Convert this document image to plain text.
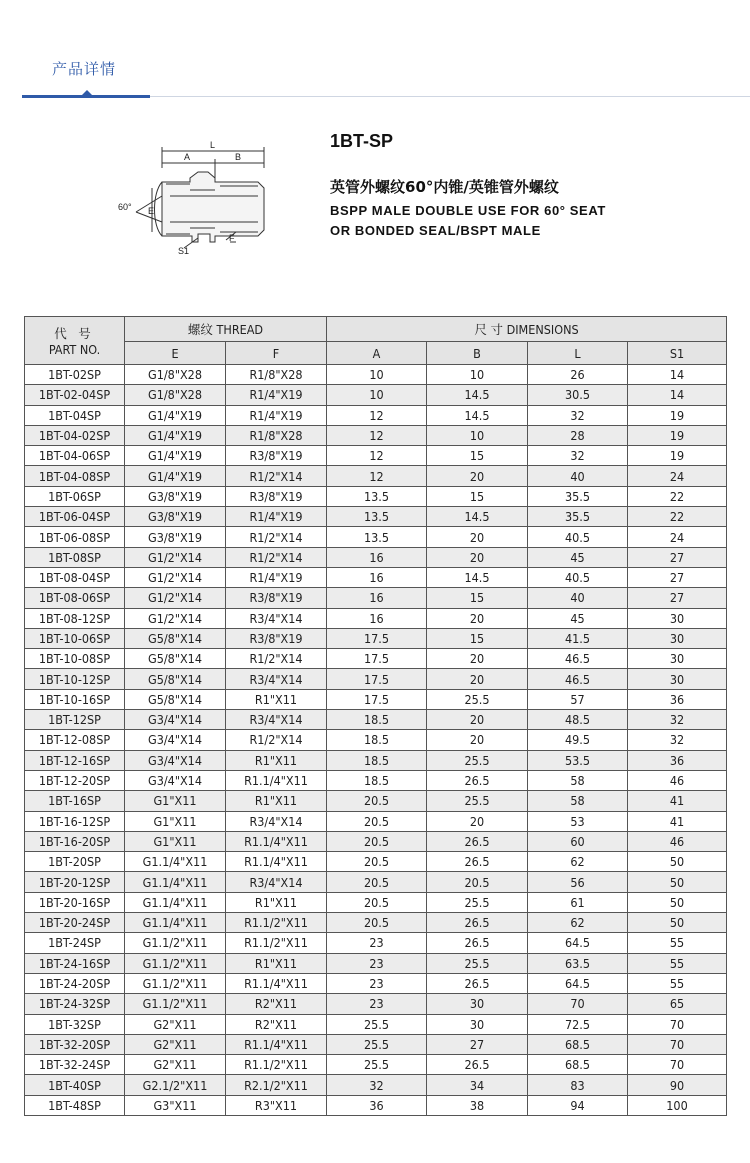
产品详情
L
A	B
60° E
S1
F
1BT-SP
英管外螺纹60°内锥/英锥管外螺纹
BSPP MALE DOUBLE USE FOR 60° SEAT
OR BONDED SEAL/BSPT MALE
代 号
PART NO.	螺纹 THREAD		尺 寸 DIMENSIONS			
	E	F	A	B	L	S1
1BT-02SP	G1/8"X28	R1/8"X28	10	10	26	14
1BT-02-04SP	G1/8"X28	R1/4"X19	10	14.5	30.5	14
1BT-04SP	G1/4"X19	R1/4"X19	12	14.5	32	19
1BT-04-02SP	G1/4"X19	R1/8"X28	12	10	28	19
1BT-04-06SP	G1/4"X19	R3/8"X19	12	15	32	19
1BT-04-08SP	G1/4"X19	R1/2"X14	12	20	40	24
1BT-06SP	G3/8"X19	R3/8"X19	13.5	15	35.5	22
1BT-06-04SP	G3/8"X19	R1/4"X19	13.5	14.5	35.5	22
1BT-06-08SP	G3/8"X19	R1/2"X14	13.5	20	40.5	24
1BT-08SP	G1/2"X14	R1/2"X14	16	20	45	27
1BT-08-04SP	G1/2"X14	R1/4"X19	16	14.5	40.5	27
1BT-08-06SP	G1/2"X14	R3/8"X19	16	15	40	27
1BT-08-12SP	G1/2"X14	R3/4"X14	16	20	45	30
1BT-10-06SP	G5/8"X14	R3/8"X19	17.5	15	41.5	30
1BT-10-08SP	G5/8"X14	R1/2"X14	17.5	20	46.5	30
1BT-10-12SP	G5/8"X14	R3/4"X14	17.5	20	46.5	30
1BT-10-16SP	G5/8"X14	R1"X11	17.5	25.5	57	36
1BT-12SP	G3/4"X14	R3/4"X14	18.5	20	48.5	32
1BT-12-08SP	G3/4"X14	R1/2"X14	18.5	20	49.5	32
1BT-12-16SP	G3/4"X14	R1"X11	18.5	25.5	53.5	36
1BT-12-20SP	G3/4"X14	R1.1/4"X11	18.5	26.5	58	46
1BT-16SP	G1"X11	R1"X11	20.5	25.5	58	41
1BT-16-12SP	G1"X11	R3/4"X14	20.5	20	53	41
1BT-16-20SP	G1"X11	R1.1/4"X11	20.5	26.5	60	46
1BT-20SP	G1.1/4"X11	R1.1/4"X11	20.5	26.5	62	50
1BT-20-12SP	G1.1/4"X11	R3/4"X14	20.5	20.5	56	50
1BT-20-16SP	G1.1/4"X11	R1"X11	20.5	25.5	61	50
1BT-20-24SP	G1.1/4"X11	R1.1/2"X11	20.5	26.5	62	50
1BT-24SP	G1.1/2"X11	R1.1/2"X11	23	26.5	64.5	55
1BT-24-16SP	G1.1/2"X11	R1"X11	23	25.5	63.5	55
1BT-24-20SP	G1.1/2"X11	R1.1/4"X11	23	26.5	64.5	55
1BT-24-32SP	G1.1/2"X11	R2"X11	23	30	70	65
1BT-32SP	G2"X11	R2"X11	25.5	30	72.5	70
1BT-32-20SP	G2"X11	R1.1/4"X11	25.5	27	68.5	70
1BT-32-24SP	G2"X11	R1.1/2"X11	25.5	26.5	68.5	70
1BT-40SP	G2.1/2"X11	R2.1/2"X11	32	34	83	90
1BT-48SP	G3"X11	R3"X11	36	38	94	100
